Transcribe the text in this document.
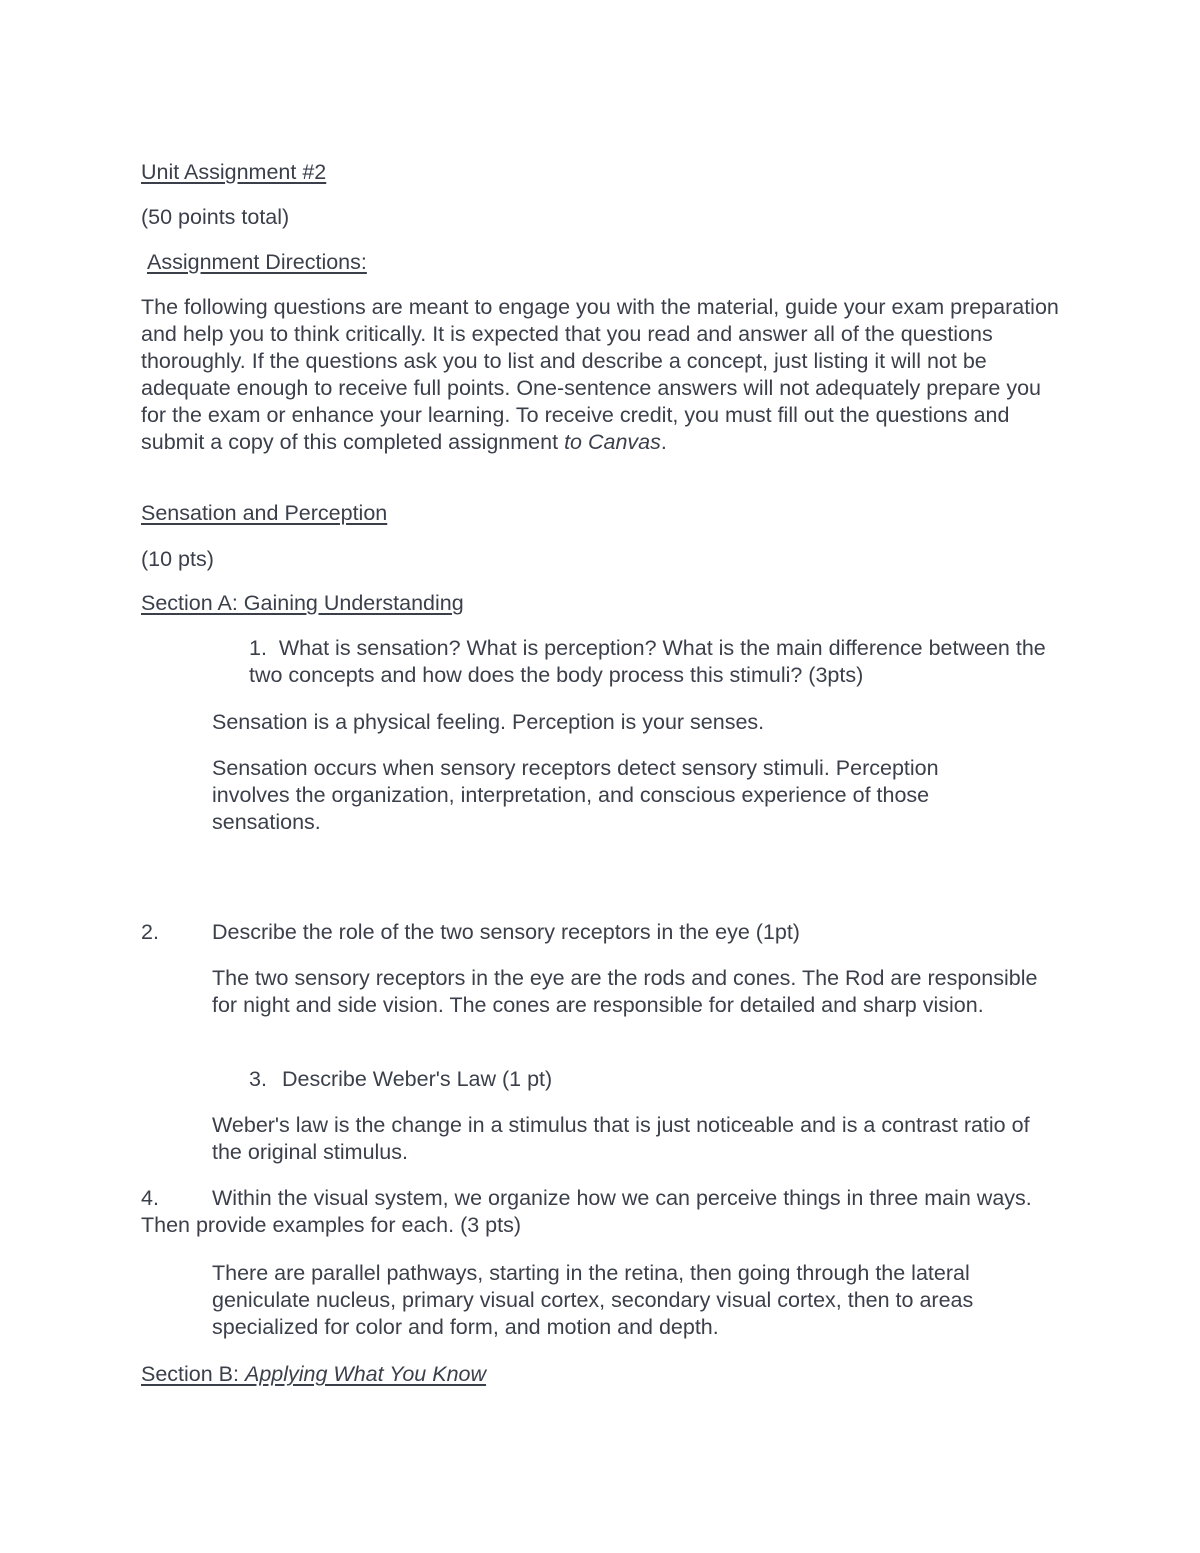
Unit Assignment #2

(50 points total)

Assignment Directions:

The following questions are meant to engage you with the material, guide your exam preparation and help you to think critically. It is expected that you read and answer all of the questions thoroughly. If the questions ask you to list and describe a concept, just listing it will not be adequate enough to receive full points. One-sentence answers will not adequately prepare you for the exam or enhance your learning. To receive credit, you must fill out the questions and submit a copy of this completed assignment to Canvas.

Sensation and Perception

(10 pts)

Section A: Gaining Understanding

1. What is sensation? What is perception? What is the main difference between the two concepts and how does the body process this stimuli? (3pts)

Sensation is a physical feeling. Perception is your senses.

Sensation occurs when sensory receptors detect sensory stimuli. Perception involves the organization, interpretation, and conscious experience of those sensations.

2. Describe the role of the two sensory receptors in the eye (1pt)

The two sensory receptors in the eye are the rods and cones. The Rod are responsible for night and side vision. The cones are responsible for detailed and sharp vision.

3. Describe Weber's Law (1 pt)

Weber's law is the change in a stimulus that is just noticeable and is a contrast ratio of the original stimulus.

4.	Within the visual system, we organize how we can perceive things in three main ways. Then provide examples for each. (3 pts)

There are parallel pathways, starting in the retina, then going through the lateral geniculate nucleus, primary visual cortex, secondary visual cortex, then to areas specialized for color and form, and motion and depth.

Section B: Applying What You Know
